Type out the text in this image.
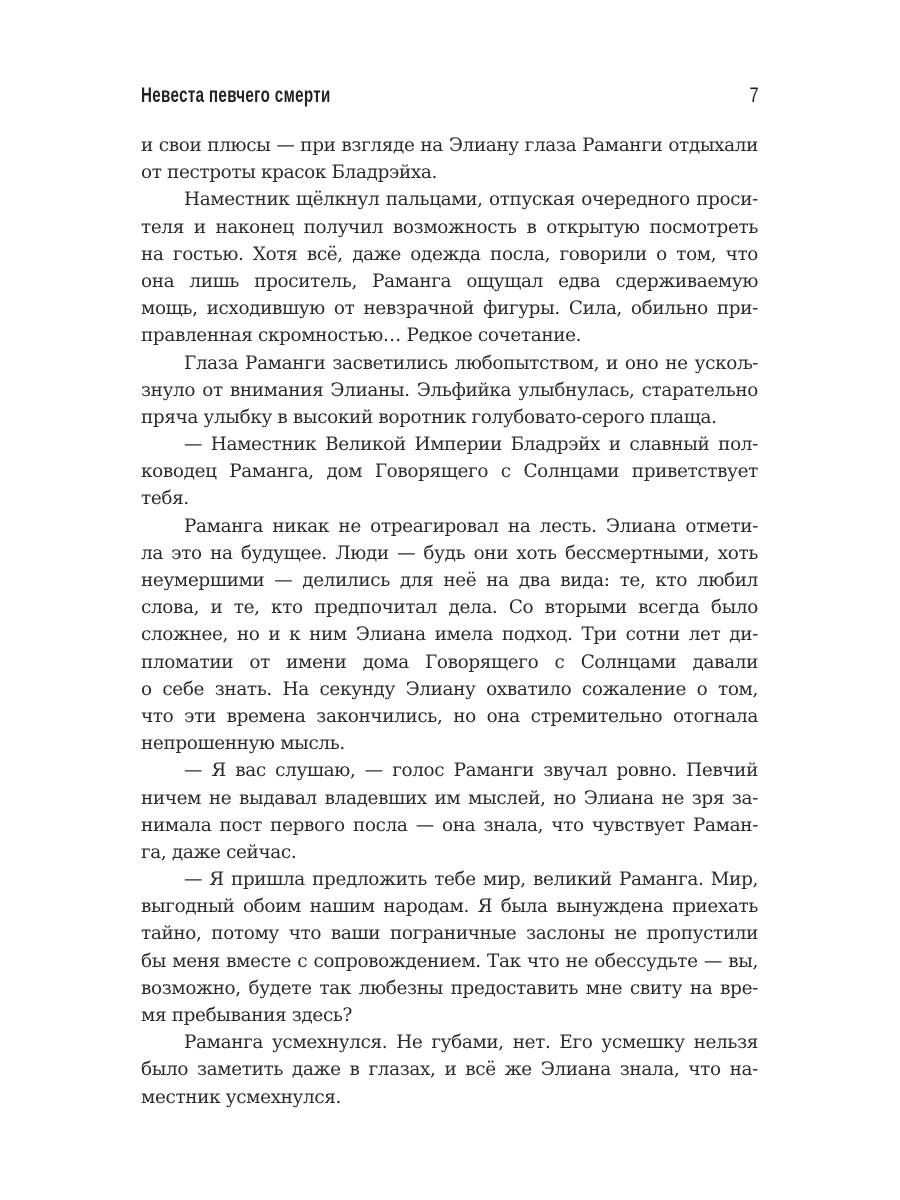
Невеста певчего смерти	7
и свои плюсы — при взгляде на Элиану глаза Раманги отдыхали
от пестроты красок Бладрэйха.
Наместник щёлкнул пальцами, отпуская очередного проси-
теля и наконец получил возможность в открытую посмотреть
на гостью. Хотя всё, даже одежда посла, говорили о том, что
она лишь проситель, Раманга ощущал едва сдерживаемую
мощь, исходившую от невзрачной фигуры. Сила, обильно при-
правленная скромностью… Редкое сочетание.
Глаза Раманги засветились любопытством, и оно не ускољ-
знуло от внимания Элианы. Эльфийка улыбнулась, старательно
пряча улыбку в высокий воротник голубовато-серого плаща.
— Наместник Великой Империи Бладрэйх и славный пол-
ководец Раманга, дом Говорящего с Солнцами приветствует
тебя.
Раманга никак не отреагировал на лесть. Элиана отмети-
ла это на будущее. Люди — будь они хоть бессмертными, хоть
неумершими — делились для неё на два вида: те, кто любил
слова, и те, кто предпочитал дела. Со вторыми всегда было
сложнее, но и к ним Элиана имела подход. Три сотни лет ди-
пломатии от имени дома Говорящего с Солнцами давали
о себе знать. На секунду Элиану охватило сожаление о том,
что эти времена закончились, но она стремительно отогнала
непрошенную мысль.
— Я вас слушаю, — голос Раманги звучал ровно. Певчий
ничем не выдавал владевших им мыслей, но Элиана не зря за-
нимала пост первого посла — она знала, что чувствует Раман-
га, даже сейчас.
— Я пришла предложить тебе мир, великий Раманга. Мир,
выгодный обоим нашим народам. Я была вынуждена приехать
тайно, потому что ваши пограничные заслоны не пропустили
бы меня вместе с сопровождением. Так что не обессудьте — вы,
возможно, будете так любезны предоставить мне свиту на вре-
мя пребывания здесь?
Раманга усмехнулся. Не губами, нет. Его усмешку нельзя
было заметить даже в глазах, и всё же Элиана знала, что на-
местник усмехнулся.
